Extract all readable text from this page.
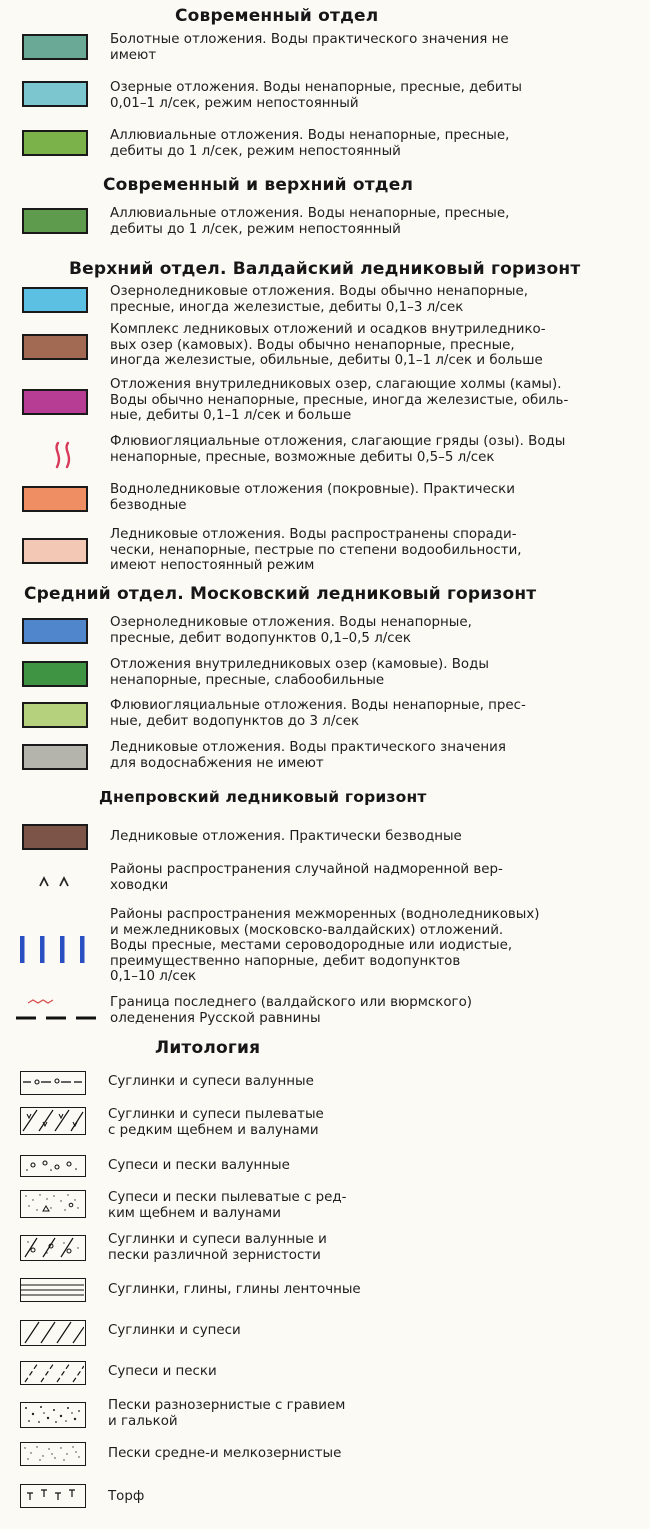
Современный отдел
Современный и верхний отдел
Верхний отдел. Валдайский ледниковый горизонт
Средний отдел. Московский ледниковый горизонт
Днепровский ледниковый горизонт
Литология
Болотные отложения. Воды практического значения не
имеют
Озерные отложения. Воды ненапорные, пресные, дебиты
0,01–1 л/сек, режим непостоянный
Аллювиальные отложения. Воды ненапорные, пресные,
дебиты до 1 л/сек, режим непостоянный
Аллювиальные отложения. Воды ненапорные, пресные,
дебиты до 1 л/сек, режим непостоянный
Озерноледниковые отложения. Воды обычно ненапорные,
пресные, иногда железистые, дебиты 0,1–3 л/сек
Комплекс ледниковых отложений и осадков внутриледнико-
вых озер (камовых). Воды обычно ненапорные, пресные,
иногда железистые, обильные, дебиты 0,1–1 л/сек и больше
Отложения внутриледниковых озер, слагающие холмы (камы).
Воды обычно ненапорные, пресные, иногда железистые, обиль-
ные, дебиты 0,1–1 л/сек и больше
Флювиогляциальные отложения, слагающие гряды (озы). Воды
ненапорные, пресные, возможные дебиты 0,5–5 л/сек
Водноледниковые отложения (покровные). Практически
безводные
Ледниковые отложения. Воды распространены споради-
чески, ненапорные, пестрые по степени водообильности,
имеют непостоянный режим
Озерноледниковые отложения. Воды ненапорные,
пресные, дебит водопунктов 0,1–0,5 л/сек
Отложения внутриледниковых озер (камовые). Воды
ненапорные, пресные, слабообильные
Флювиогляциальные отложения. Воды ненапорные, прес-
ные, дебит водопунктов до 3 л/сек
Ледниковые отложения. Воды практического значения
для водоснабжения не имеют
Ледниковые отложения. Практически безводные
Районы распространения случайной надморенной вер-
ховодки
Районы распространения межморенных (водноледниковых)
и межледниковых (московско-валдайских) отложений.
Воды пресные, местами сероводородные или иодистые,
преимущественно напорные, дебит водопунктов
0,1–10 л/сек
Граница последнего (валдайского или вюрмского)
оледенения Русской равнины
Суглинки и супеси валунные
Суглинки и супеси пылеватые
с редким щебнем и валунами
Супеси и пески валунные
Супеси и пески пылеватые с ред-
ким щебнем и валунами
Суглинки и супеси валунные и
пески различной зернистости
Суглинки, глины, глины ленточные
Суглинки и супеси
Супеси и пески
Пески разнозернистые с гравием
и галькой
Пески средне-и мелкозернистые
Торф
